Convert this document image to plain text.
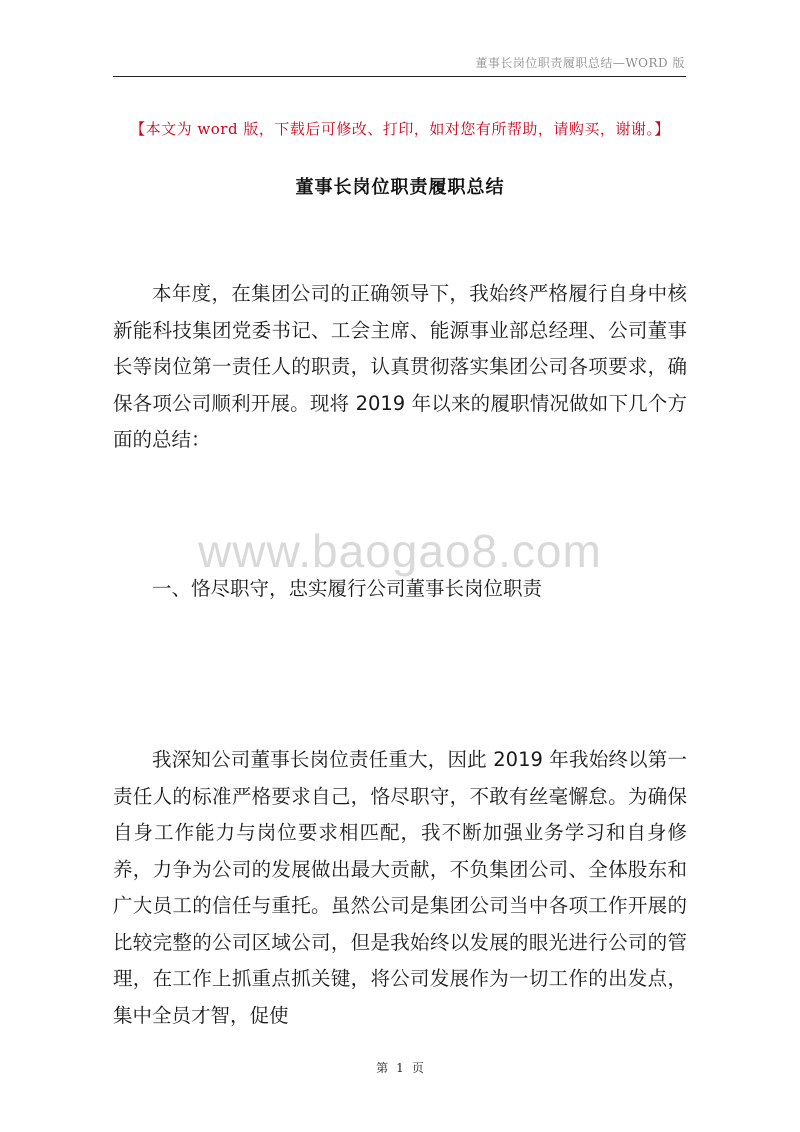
董事长岗位职责履职总结—WORD 版
【本文为 word 版，下载后可修改、打印，如对您有所帮助，请购买，谢谢。】
董事长岗位职责履职总结

本年度，在集团公司的正确领导下，我始终严格履行自身中核新能科技集团党委书记、工会主席、能源事业部总经理、公司董事长等岗位第一责任人的职责，认真贯彻落实集团公司各项要求，确保各项公司顺利开展。现将 2019 年以来的履职情况做如下几个方面的总结：

www.baogao8.com

一、恪尽职守，忠实履行公司董事长岗位职责

我深知公司董事长岗位责任重大，因此 2019 年我始终以第一责任人的标准严格要求自己，恪尽职守，不敢有丝毫懈怠。为确保自身工作能力与岗位要求相匹配，我不断加强业务学习和自身修养，力争为公司的发展做出最大贡献，不负集团公司、全体股东和广大员工的信任与重托。虽然公司是集团公司当中各项工作开展的比较完整的公司区域公司，但是我始终以发展的眼光进行公司的管理，在工作上抓重点抓关键，将公司发展作为一切工作的出发点，集中全员才智，促使

第 1 页
